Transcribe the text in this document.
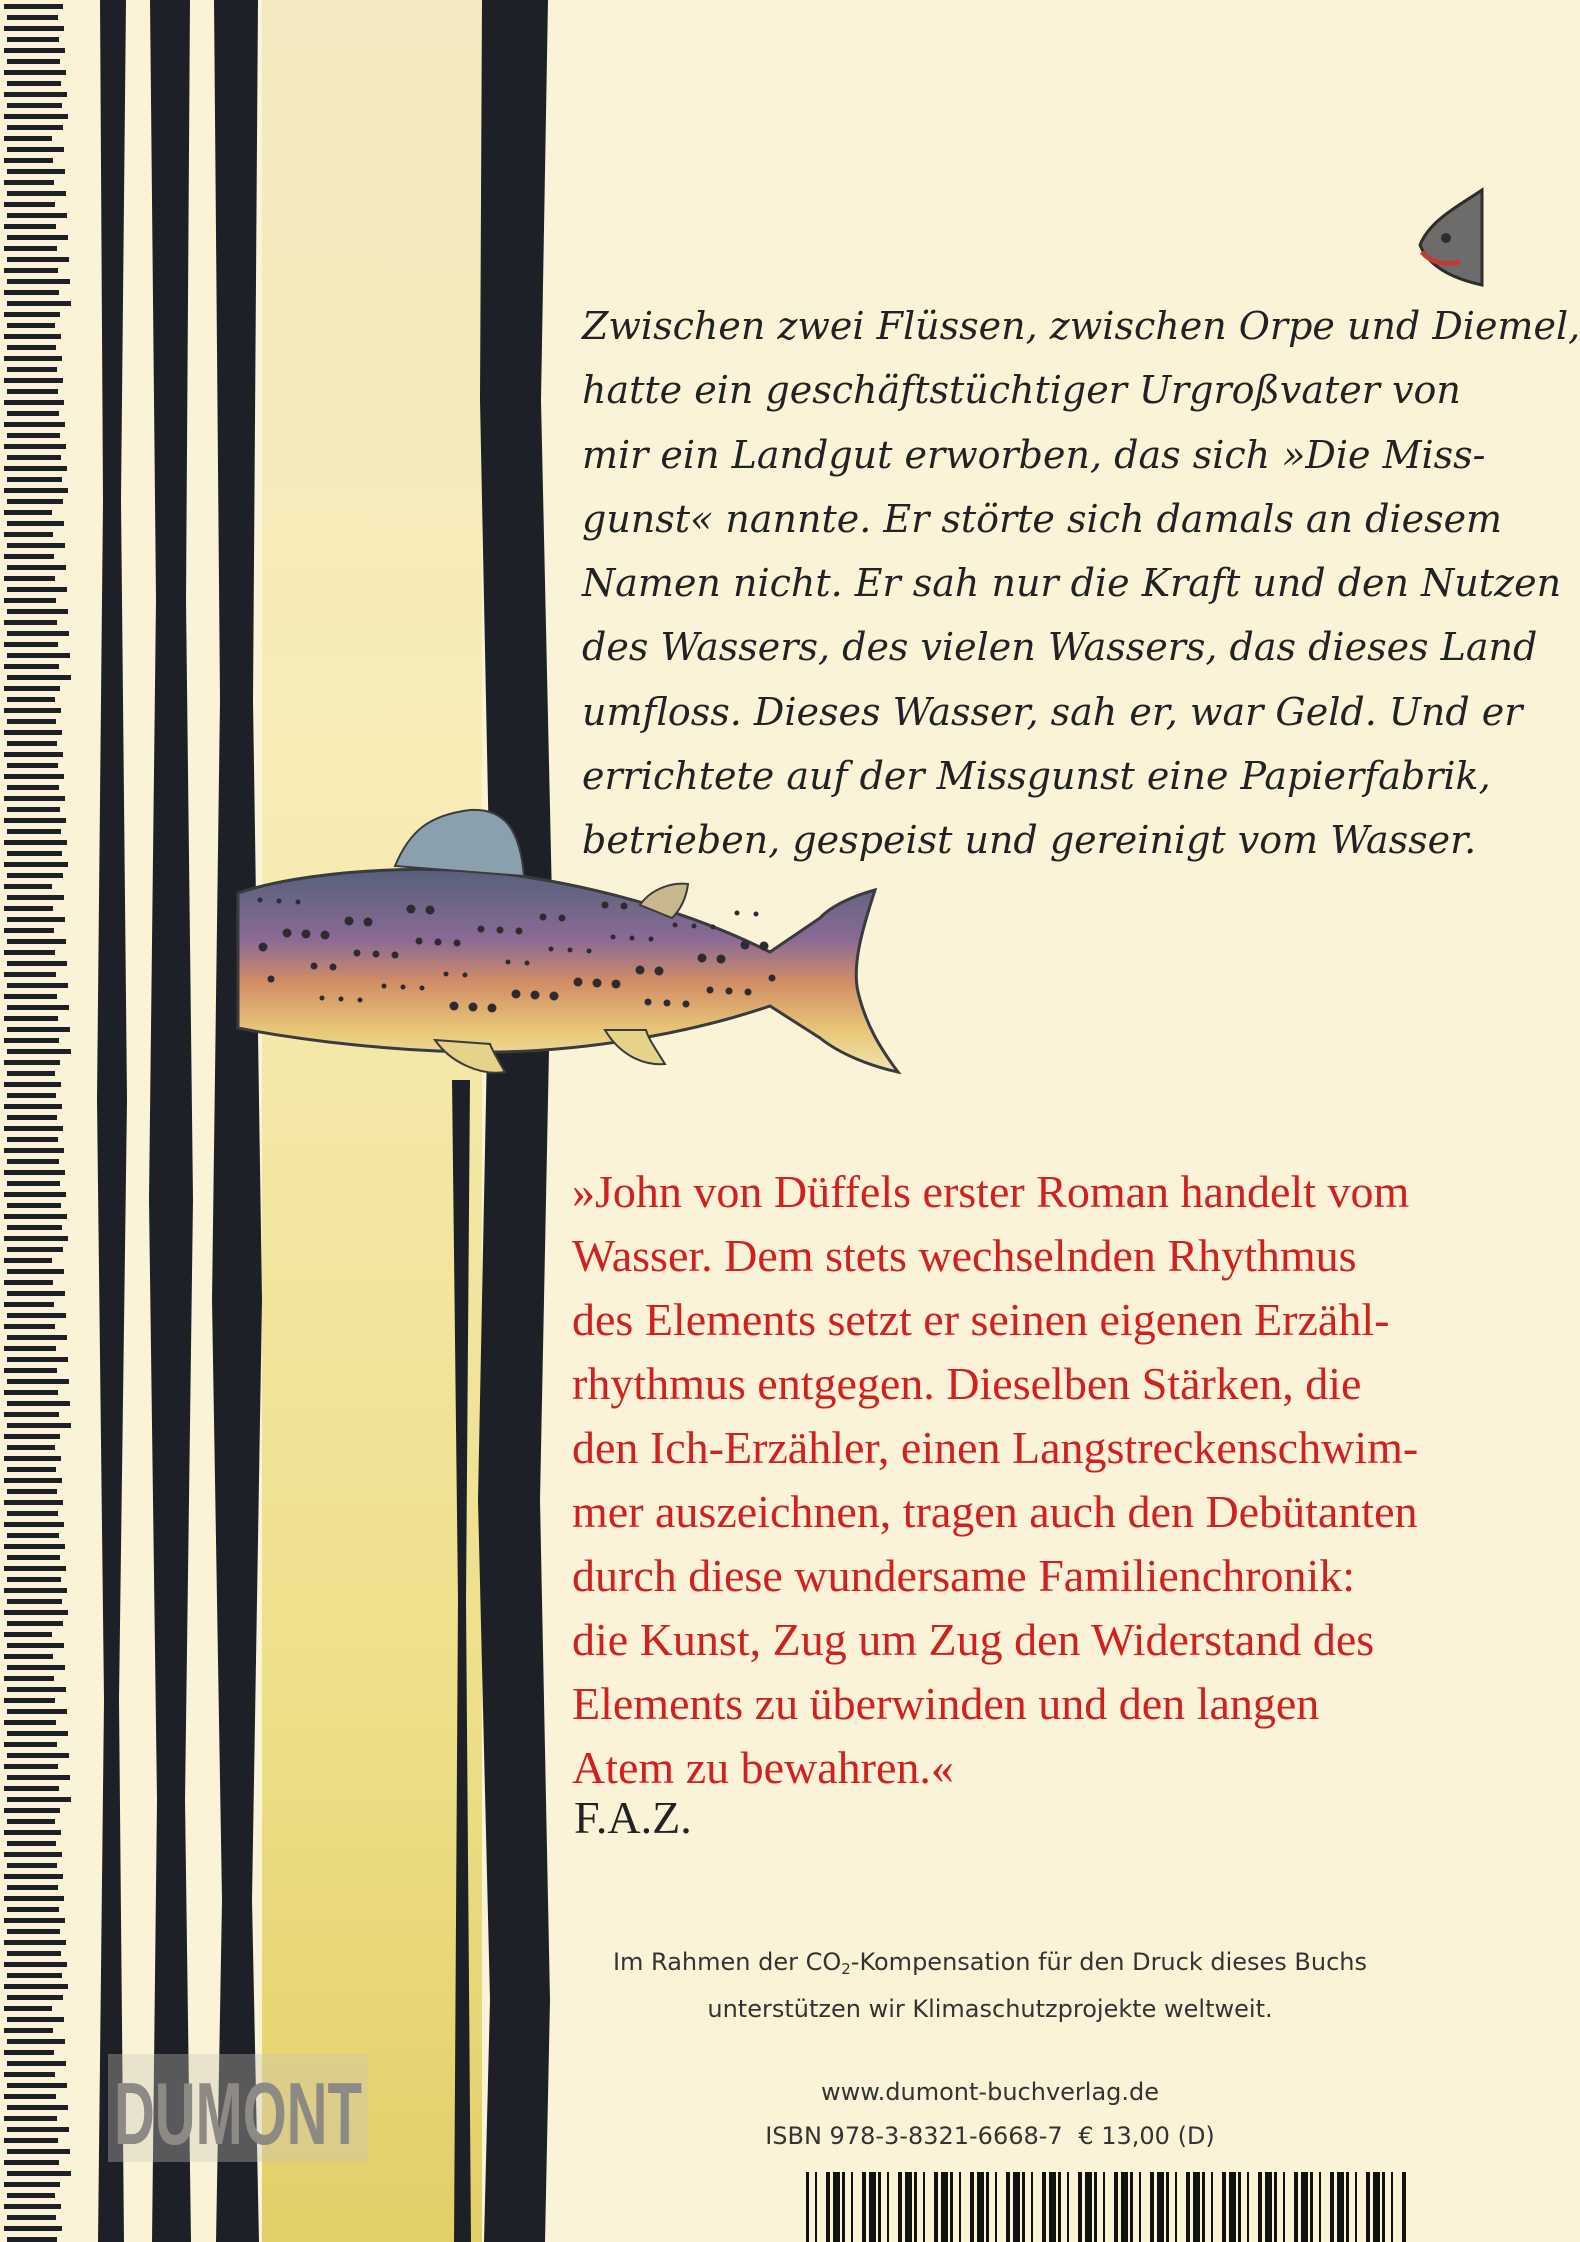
Zwischen zwei Flüssen, zwischen Orpe und Diemel,
hatte ein geschäftstüchtiger Urgroßvater von
mir ein Landgut erworben, das sich »Die Miss-
gunst« nannte. Er störte sich damals an diesem
Namen nicht. Er sah nur die Kraft und den Nutzen
des Wassers, des vielen Wassers, das dieses Land
umfloss. Dieses Wasser, sah er, war Geld. Und er
errichtete auf der Missgunst eine Papierfabrik,
betrieben, gespeist und gereinigt vom Wasser.
»John von Düffels erster Roman handelt vom
Wasser. Dem stets wechselnden Rhythmus
des Elements setzt er seinen eigenen Erzähl-
rhythmus entgegen. Dieselben Stärken, die
den Ich-Erzähler, einen Langstreckenschwim-
mer auszeichnen, tragen auch den Debütanten
durch diese wundersame Familienchronik:
die Kunst, Zug um Zug den Widerstand des
Elements zu überwinden und den langen
Atem zu bewahren.«
F.A.Z.
Im Rahmen der $CO_2$-Kompensation für den Druck dieses Buchs
unterstützen wir Klimaschutzprojekte weltweit.
www.dumont-buchverlag.de
ISBN 978-3-8321-6668-7 € 13,00 (D)
DUMONT
